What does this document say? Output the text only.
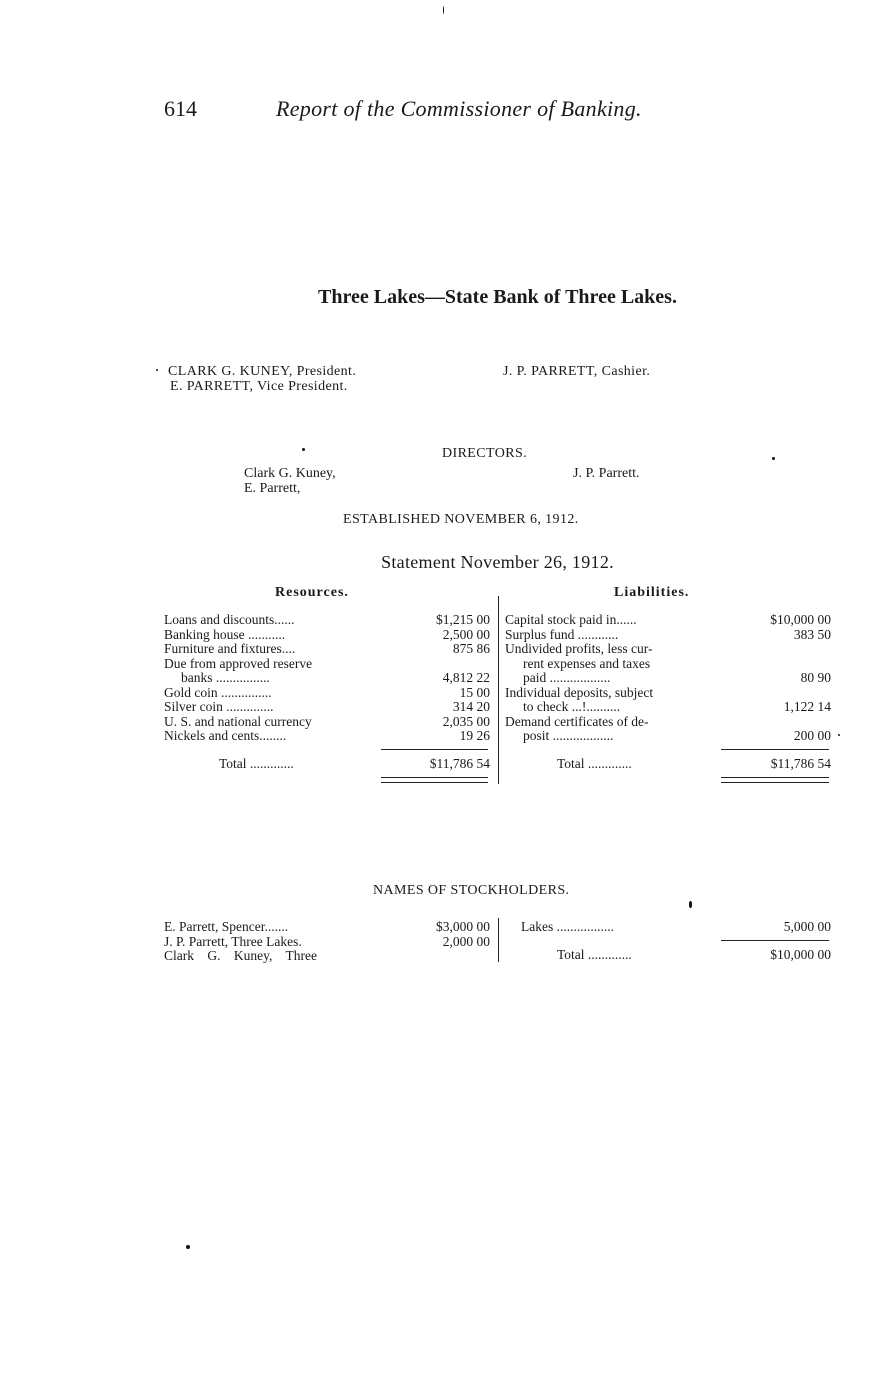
614	Report of the Commissioner of Banking.
Three Lakes—State Bank of Three Lakes.
CLARK G. KUNEY, President.
E. PARRETT, Vice President.
J. P. PARRETT, Cashier.
DIRECTORS.
Clark G. Kuney,
E. Parrett,
J. P. Parrett.
ESTABLISHED NOVEMBER 6, 1912.
Statement November 26, 1912.
Resources.	Liabilities.
Loans and discounts......	$1,215 00
Banking house ...........	2,500 00
Furniture and fixtures....	875 86
Due from approved reserve
banks ................	4,812 22
Gold coin ...............	15 00
Silver coin ..............	314 20
U. S. and national currency	2,035 00
Nickels and cents........	19 26
Total .............	$11,786 54
Capital stock paid in......	$10,000 00
Surplus fund ............	383 50
Undivided profits, less cur-
rent expenses and taxes
paid ..................	80 90
Individual deposits, subject
to check ...!..........	1,122 14
Demand certificates of de-
posit ..................	200 00
Total .............	$11,786 54
NAMES OF STOCKHOLDERS.
E. Parrett, Spencer.......	$3,000 00
J. P. Parrett, Three Lakes.	2,000 00
Clark G. Kuney, Three
Lakes .................	5,000 00
Total .............	$10,000 00
